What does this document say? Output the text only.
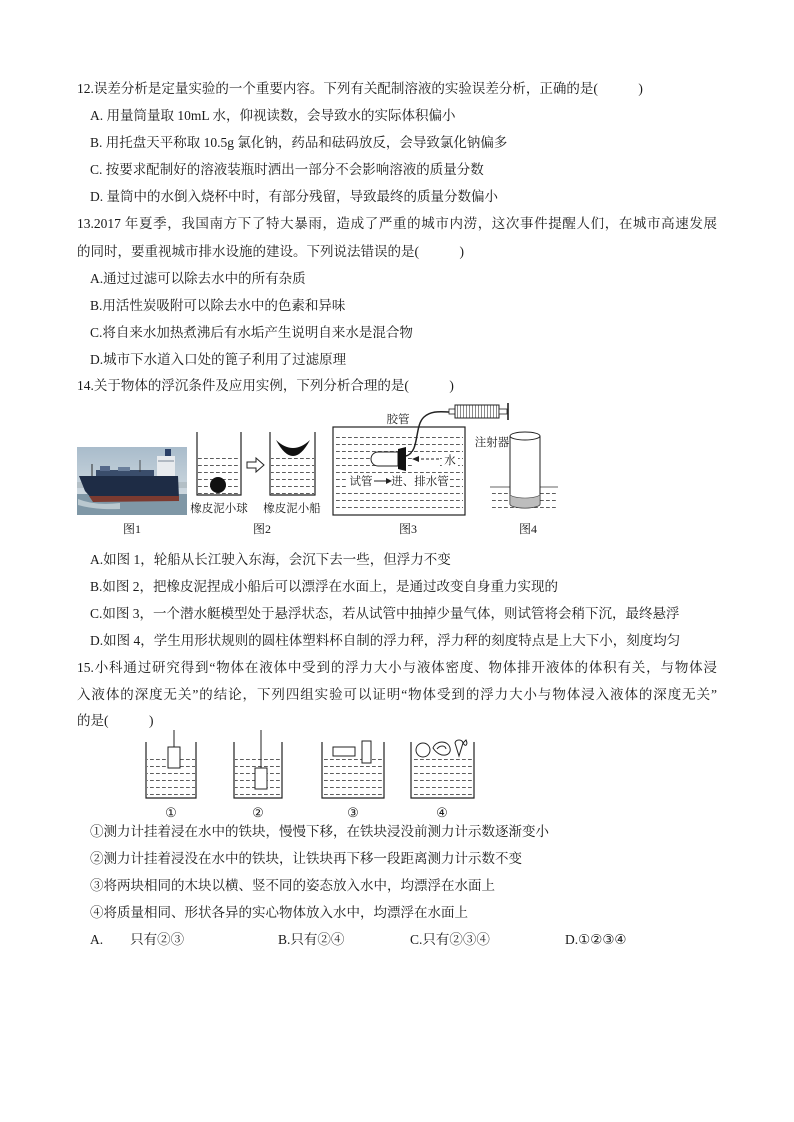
12.误差分析是定量实验的一个重要内容。下列有关配制溶液的实验误差分析，正确的是(　　　)
A. 用量筒量取 10mL 水，仰视读数，会导致水的实际体积偏小
B. 用托盘天平称取 10.5g 氯化钠，药品和砝码放反，会导致氯化钠偏多
C. 按要求配制好的溶液装瓶时洒出一部分不会影响溶液的质量分数
D. 量筒中的水倒入烧杯中时，有部分残留，导致最终的质量分数偏小
13.2017 年夏季，我国南方下了特大暴雨，造成了严重的城市内涝，这次事件提醒人们，在城市高速发展
的同时，要重视城市排水设施的建设。下列说法错误的是(　　　)
A.通过过滤可以除去水中的所有杂质
B.用活性炭吸附可以除去水中的色素和异味
C.将自来水加热煮沸后有水垢产生说明自来水是混合物
D.城市下水道入口处的篦子利用了过滤原理
14.关于物体的浮沉条件及应用实例，下列分析合理的是(　　　)
橡皮泥小球 橡皮泥小船
水
试管 进、排水管
胶管
注射器
图1	图2	图3	图4
A.如图 1，轮船从长江驶入东海，会沉下去一些，但浮力不变
B.如图 2，把橡皮泥捏成小船后可以漂浮在水面上，是通过改变自身重力实现的
C.如图 3，一个潜水艇模型处于悬浮状态，若从试管中抽掉少量气体，则试管将会稍下沉，最终悬浮
D.如图 4，学生用形状规则的圆柱体塑料杯自制的浮力秤，浮力秤的刻度特点是上大下小，刻度均匀
15.小科通过研究得到“物体在液体中受到的浮力大小与液体密度、物体排开液体的体积有关，与物体浸
入液体的深度无关”的结论，下列四组实验可以证明“物体受到的浮力大小与物体浸入液体的深度无关”
的是(　　　)
①	②	③	④
①测力计挂着浸在水中的铁块，慢慢下移，在铁块浸没前测力计示数逐渐变小
②测力计挂着浸没在水中的铁块，让铁块再下移一段距离测力计示数不变
③将两块相同的木块以横、竖不同的姿态放入水中，均漂浮在水面上
④将质量相同、形状各异的实心物体放入水中，均漂浮在水面上
A.　　只有②③	B.只有②④	C.只有②③④	D.①②③④
